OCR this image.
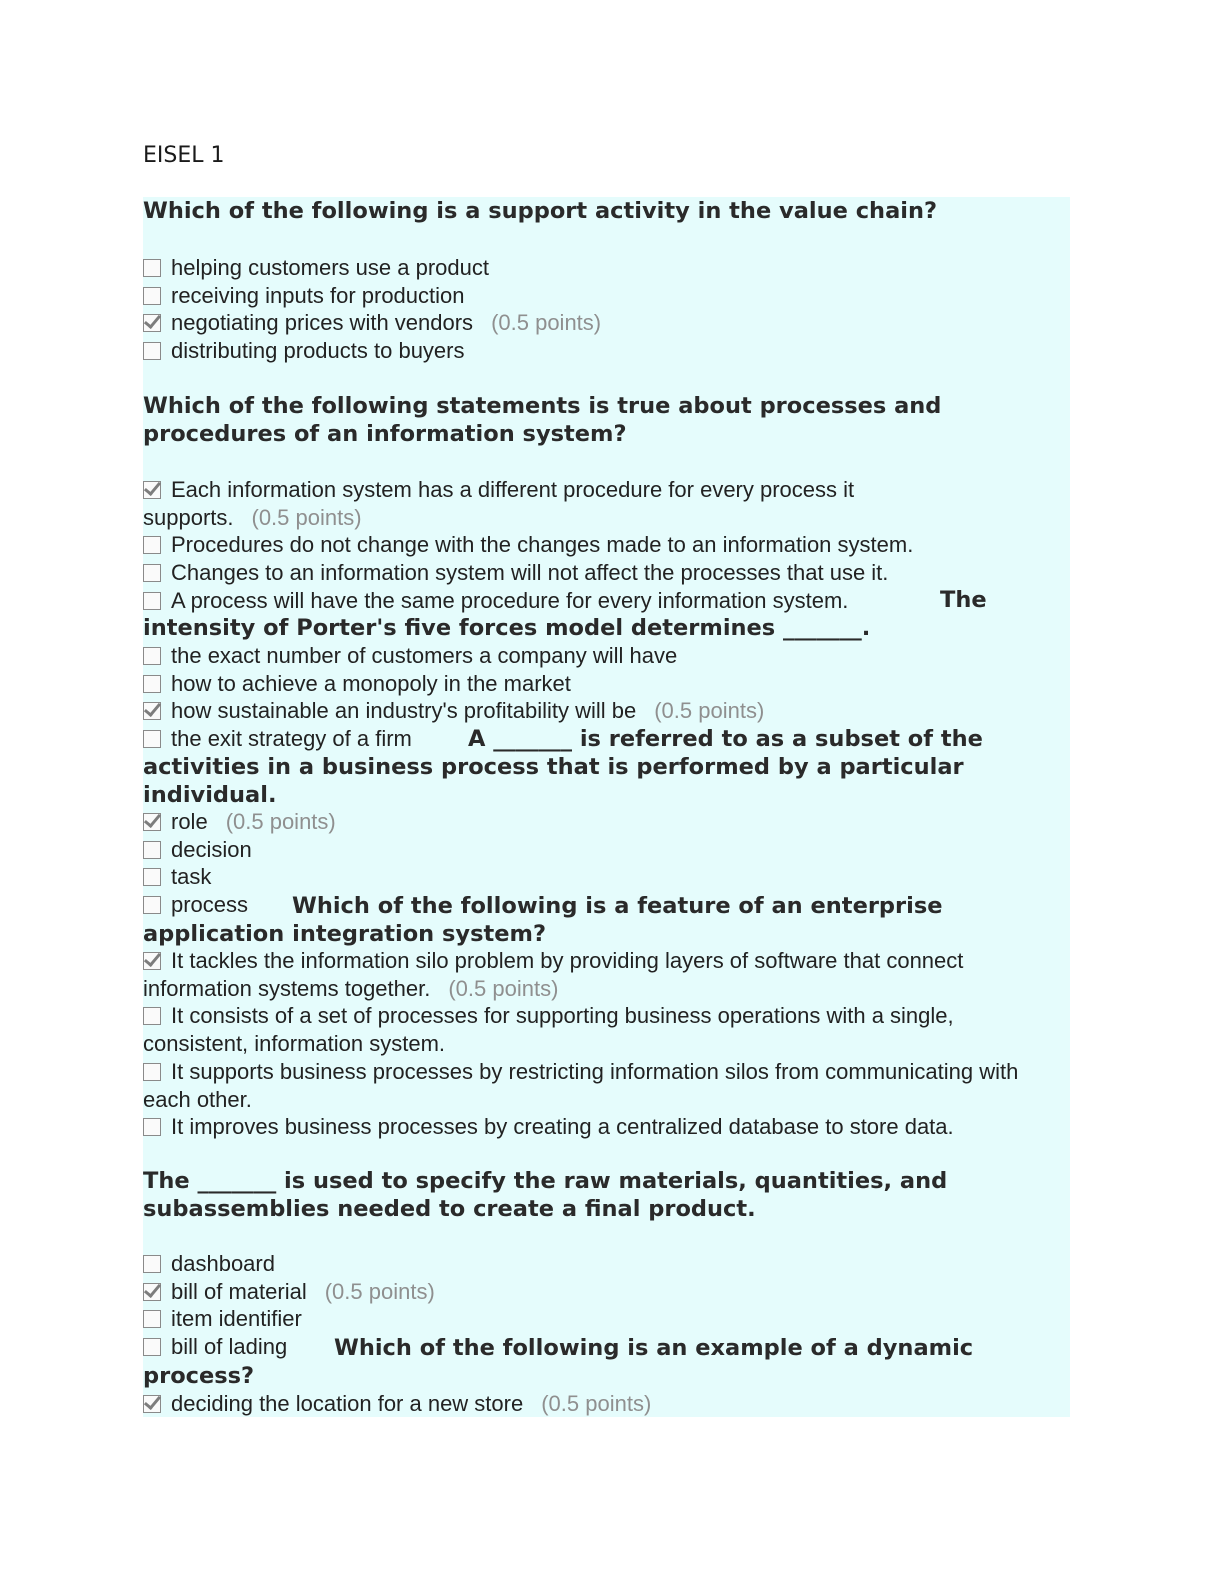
EISEL 1
Which of the following is a support activity in the value chain?
helping customers use a product
receiving inputs for production
negotiating prices with vendors (0.5 points)
distributing products to buyers
Which of the following statements is true about processes and procedures of an information system?
Each information system has a different procedure for every process it supports. (0.5 points)
Procedures do not change with the changes made to an information system.
Changes to an information system will not affect the processes that use it.
A process will have the same procedure for every information system.	The
intensity of Porter's five forces model determines _______.
the exact number of customers a company will have
how to achieve a monopoly in the market
how sustainable an industry's profitability will be (0.5 points)
the exit strategy of a firm	A _______ is referred to as a subset of the
activities in a business process that is performed by a particular individual.
role (0.5 points)
decision
task
process	Which of the following is a feature of an enterprise
application integration system?
It tackles the information silo problem by providing layers of software that connect information systems together. (0.5 points)
It consists of a set of processes for supporting business operations with a single, consistent, information system.
It supports business processes by restricting information silos from communicating with each other.
It improves business processes by creating a centralized database to store data.
The _______ is used to specify the raw materials, quantities, and subassemblies needed to create a final product.
dashboard
bill of material (0.5 points)
item identifier
bill of lading	Which of the following is an example of a dynamic
process?
deciding the location for a new store (0.5 points)
